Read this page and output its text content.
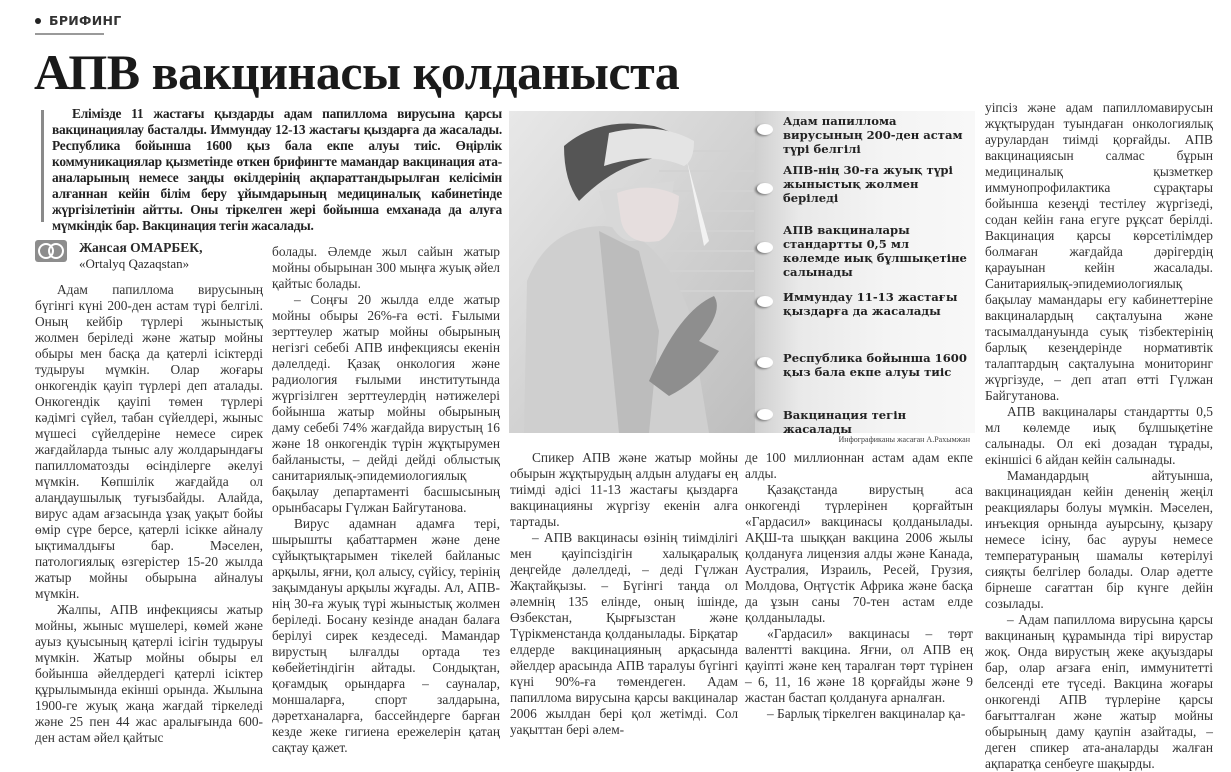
БРИФИНГ
АПВ вакцинасы қолданыста

Елімізде 11 жастағы қыздарды адам папиллома вирусына қарсы вакцинациялау басталды. Иммундау 12-13 жастағы қыздарға да жасалады. Республика бойынша 1600 қыз бала екпе алуы тиіс. Өңірлік коммуникациялар қызметінде өткен брифингте мамандар вакцинация ата-аналарының немесе заңды өкілдерінің ақпараттандырылған келісімін алғаннан кейін білім беру ұйымдарының медициналық кабинетінде жүргізілетінін айтты. Оны тіркелген жері бойынша емханада да алуға мүмкіндік бар. Вакцинация тегін жасалады.

Жансая ОМАРБЕК,
«Ortalyq Qazaqstan»

Адам папиллома вирусының бүгінгі күні 200-ден астам түрі белгілі. Оның кейбір түрлері жыныстық жолмен беріледі және жатыр мойны обыры мен басқа да қатерлі ісіктерді тудыруы мүмкін. Олар жоғары онкогендік қауіп түрлері деп аталады. Онкогендік қауіпі төмен түрлері кәдімгі сүйел, табан сүйелдері, жыныс мүшесі сүйелдеріне немесе сирек жағдайларда тыныс алу жолдарындағы папилломатозды өсінділерге әкелуі мүмкін. Көпшілік жағдайда ол алаңдаушылық туғызбайды. Алайда, вирус адам ағзасында ұзақ уақыт бойы өмір сүре берсе, қатерлі ісікке айналу ықтималдығы бар. Мәселен, патологиялық өзгерістер 15-20 жылда жатыр мойны обырына айналуы мүмкін.

Жалпы, АПВ инфекциясы жатыр мойны, жыныс мүшелері, көмей және ауыз қуысының қатерлі ісігін тудыруы мүмкін. Жатыр мойны обыры ел бойынша әйелдердегі қатерлі ісіктер құрылымында екінші орында. Жылына 1900-ге жуық жаңа жағдай тіркеледі және 25 пен 44 жас аралығында 600-ден астам әйел қайтыс

болады. Әлемде жыл сайын жатыр мойны обырынан 300 мыңға жуық әйел қайтыс болады.

– Соңғы 20 жылда елде жатыр мойны обыры 26%-ға өсті. Ғылыми зерттеулер жатыр мойны обырының негізгі себебі АПВ инфекциясы екенін дәлелдеді. Қазақ онкология және радиология ғылыми институтында жүргізілген зерттеулердің нәтижелері бойынша жатыр мойны обырының даму себебі 74% жағдайда вирустың 16 және 18 онкогендік түрін жұқтырумен байланысты, – дейді дейді облыстық санитариялық-эпидемиологиялық бақылау департаменті басшысының орынбасары Гүлжан Байгутанова.

Вирус адамнан адамға тері, шырышты қабаттармен және дене сұйықтықтарымен тікелей байланыс арқылы, яғни, қол алысу, сүйісу, терінің зақымдануы арқылы жұғады. Ал, АПВ-нің 30-ға жуық түрі жыныстық жолмен беріледі. Босану кезінде анадан балаға берілуі сирек кездеседі. Мамандар вирустың ылғалды ортада тез көбейетіндігін айтады. Сондықтан, қоғамдық орындарға – сауналар, моншаларға, спорт залдарына, дәретханаларға, бассейндерге барған кезде жеке гигиена ережелерін қатаң сақтау қажет.

Спикер АПВ және жатыр мойны обырын жұқтырудың алдын алудағы ең тиімді әдісі 11-13 жастағы қыздарға вакцинацияны жүргізу екенін алға тартады.

– АПВ вакцинасы өзінің тиімділігі мен қауіпсіздігін халықаралық деңгейде дәлелдеді, – деді Гүлжан Жақтайқызы. – Бүгінгі таңда ол әлемнің 135 елінде, оның ішінде, Өзбекстан, Қырғызстан және Түрікменстанда қолданылады. Бірқатар елдерде вакцинацияның арқасында әйелдер арасында АПВ таралуы бүгінгі күні 90%-ға төмендеген. Адам папиллома вирусына қарсы вакциналар 2006 жылдан бері қол жетімді. Сол уақыттан бері әлем-

де 100 миллионнан астам адам екпе алды.

Қазақстанда вирустың аса онкогенді түрлерінен қорғайтын «Гардасил» вакцинасы қолданылады. АҚШ-та шыққан вакцина 2006 жылы қолдануға лицензия алды және Канада, Аустралия, Израиль, Ресей, Грузия, Молдова, Оңтүстік Африка және басқа да ұзын саны 70-тен астам елде қолданылады.

«Гардасил» вакцинасы – төрт валентті вакцина. Яғни, ол АПВ ең қауіпті және кең таралған төрт түрінен – 6, 11, 16 және 18 қорғайды және 9 жастан бастап қолдануға арналған.

– Барлық тіркелген вакциналар қа-

уіпсіз және адам папилломавирусын жұқтырудан туындаған онкологиялық аурулардан тиімді қорғайды. АПВ вакцинациясын салмас бұрын медициналық қызметкер иммунопрофилактика сұрақтары бойынша кезеңді тестілеу жүргізеді, содан кейін ғана егуге рұқсат берілді. Вакцинация қарсы көрсетілімдер болмаған жағдайда дәрігердің қарауынан кейін жасалады. Санитариялық-эпидемиологиялық бақылау мамандары егу кабинеттеріне вакциналардың сақталуына және тасымалдануында суық тізбектерінің барлық кезеңдерінде нормативтік талаптардың сақталуына мониторинг жүргізуде, – деп атап өтті Гүлжан Байгутанова.

АПВ вакциналары стандартты 0,5 мл көлемде иық бұлшықетіне салынады. Ол екі дозадан тұрады, екіншісі 6 айдан кейін салынады.

Мамандардың айтуынша, вакцинациядан кейін дененің жеңіл реакциялары болуы мүмкін. Мәселен, инъекция орнында ауырсыну, қызару немесе ісіну, бас ауруы немесе температураның шамалы көтерілуі сияқты белгілер болады. Олар әдетте бірнеше сағаттан бір күнге дейін созылады.

– Адам папиллома вирусына қарсы вакцинаның құрамында тірі вирустар жоқ. Онда вирустың жеке ақуыздары бар, олар ағзаға еніп, иммунитетті белсенді ете түседі. Вакцина жоғары онкогенді АПВ түрлеріне қарсы бағытталған және жатыр мойны обырының даму қаупін азайтады, – деген спикер ата-аналарды жалған ақпаратқа сенбеуге шақырды.

Адам папиллома вирусының 200-ден астам түрі белгілі
АПВ-нің 30-ға жуық түрі жыныстық жолмен беріледі
АПВ вакциналары стандартты 0,5 мл көлемде иық бұлшықетіне салынады
Иммундау 11-13 жастағы қыздарға да жасалады
Республика бойынша 1600 қыз бала екпе алуы тиіс
Вакцинация тегін жасалады
Инфографиканы жасаған А.Рахымжан
